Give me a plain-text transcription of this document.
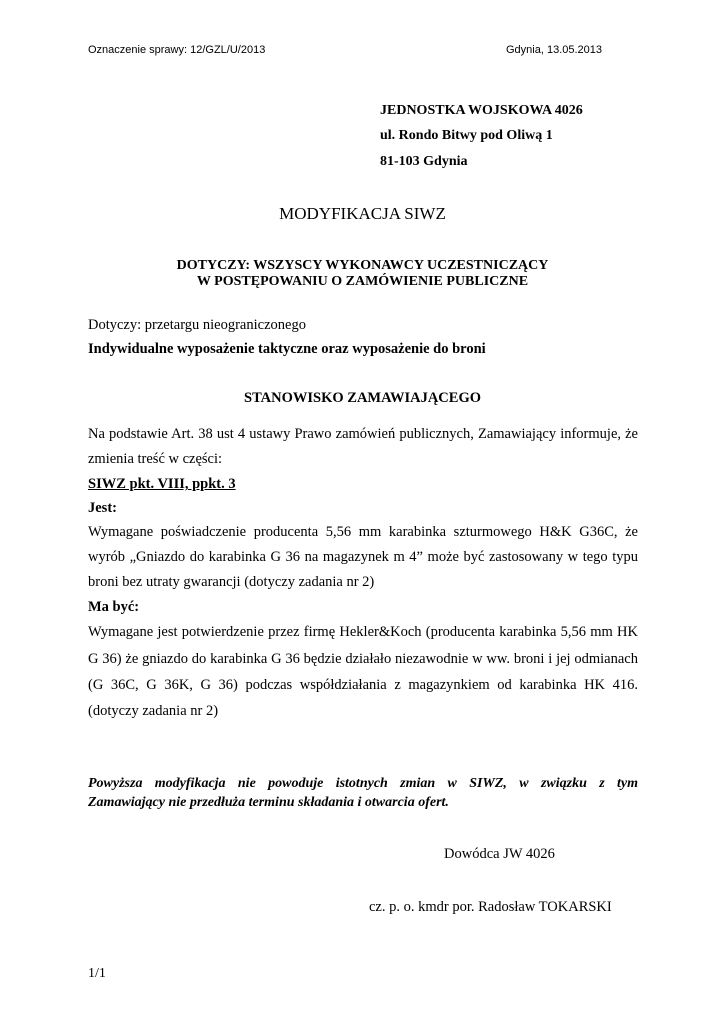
Oznaczenie sprawy: 12/GZL/U/2013	Gdynia, 13.05.2013
JEDNOSTKA WOJSKOWA 4026
ul. Rondo Bitwy pod Oliwą 1
81-103 Gdynia
MODYFIKACJA SIWZ
DOTYCZY: WSZYSCY WYKONAWCY UCZESTNICZĄCY
W POSTĘPOWANIU O ZAMÓWIENIE PUBLICZNE
Dotyczy: przetargu nieograniczonego
Indywidualne wyposażenie taktyczne oraz wyposażenie do broni
STANOWISKO ZAMAWIAJĄCEGO
Na podstawie Art. 38 ust 4 ustawy Prawo zamówień publicznych, Zamawiający informuje, że
zmienia treść w części:
SIWZ pkt. VIII, ppkt. 3
Jest:
Wymagane poświadczenie producenta 5,56 mm karabinka szturmowego H&K G36C, że
wyrób „Gniazdo do karabinka G 36 na magazynek m 4” może być zastosowany w tego typu
broni bez utraty gwarancji (dotyczy zadania nr 2)
Ma być:
Wymagane jest potwierdzenie przez firmę Hekler&Koch (producenta karabinka 5,56 mm HK
G 36) że gniazdo do karabinka G 36 będzie działało niezawodnie w ww. broni i jej odmianach
(G 36C, G 36K, G 36) podczas współdziałania z magazynkiem od karabinka HK 416.
(dotyczy zadania nr 2)
Powyższa modyfikacja nie powoduje istotnych zmian w SIWZ, w związku z tym
Zamawiający nie przedłuża terminu składania i otwarcia ofert.
Dowódca JW 4026
cz. p. o. kmdr por. Radosław TOKARSKI
1/1
